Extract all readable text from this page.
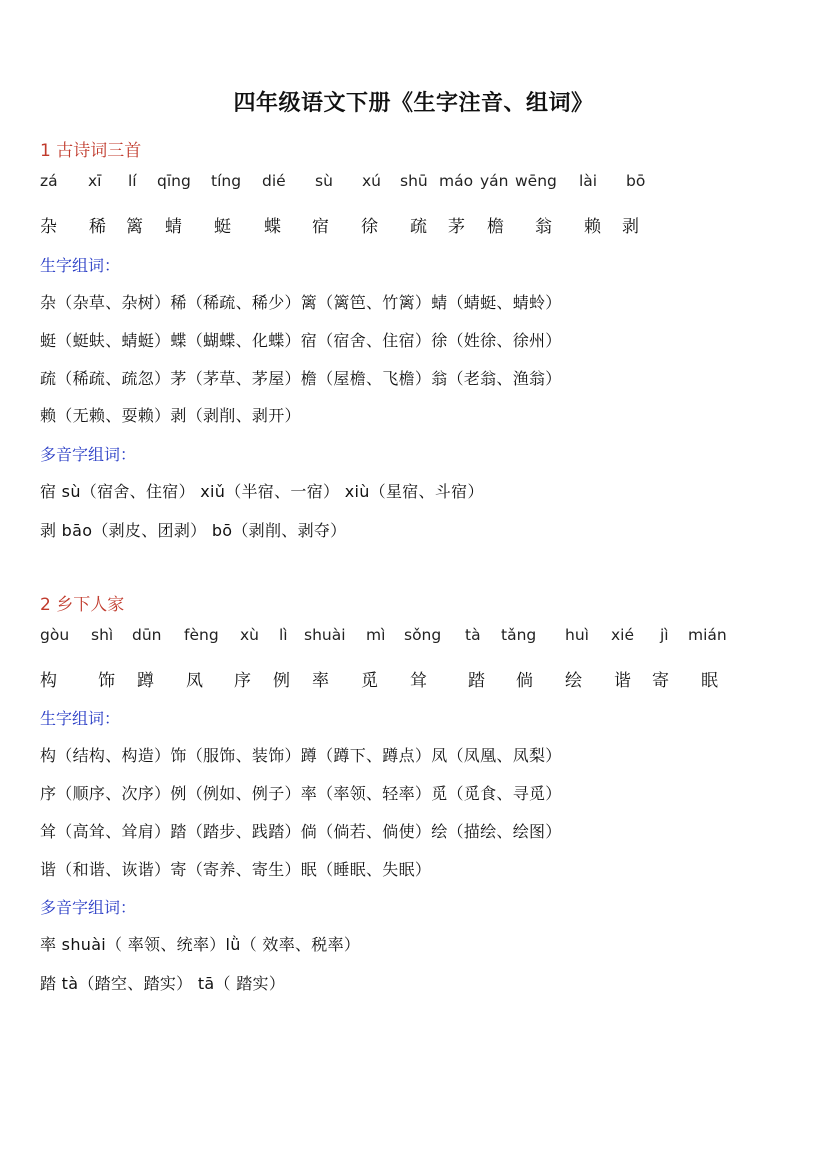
四年级语文下册《生字注音、组词》
1 古诗词三首
zá xī lí qīng tíng dié sù xú shū máo yán wēng lài bō
杂 稀 篱 蜻 蜓 蝶 宿 徐 疏 茅 檐 翁 赖 剥
生字组词：
杂（杂草、杂树）稀（稀疏、稀少）篱（篱笆、竹篱）蜻（蜻蜓、蜻蛉）
蜓（蜓蚨、蜻蜓）蝶（蝴蝶、化蝶）宿（宿舍、住宿）徐（姓徐、徐州）
疏（稀疏、疏忽）茅（茅草、茅屋）檐（屋檐、飞檐）翁（老翁、渔翁）
赖（无赖、耍赖）剥（剥削、剥开）
多音字组词：
宿 sù（宿舍、住宿） xiǔ（半宿、一宿） xiù（星宿、斗宿）
剥 bāo（剥皮、团剥） bō（剥削、剥夺）
2 乡下人家
gòu shì dūn fèng xù lì shuài mì sǒng tà tǎng huì xié jì mián
构 饰 蹲 凤 序 例 率 觅 耸 踏 倘 绘 谐 寄 眠
生字组词：
构（结构、构造）饰（服饰、装饰）蹲（蹲下、蹲点）凤（凤凰、凤梨）
序（顺序、次序）例（例如、例子）率（率领、轻率）觅（觅食、寻觅）
耸（高耸、耸肩）踏（踏步、践踏）倘（倘若、倘使）绘（描绘、绘图）
谐（和谐、诙谐）寄（寄养、寄生）眠（睡眠、失眠）
多音字组词：
率 shuài（ 率领、统率）lǜ（ 效率、税率）
踏 tà（踏空、踏实） tā（ 踏实）
